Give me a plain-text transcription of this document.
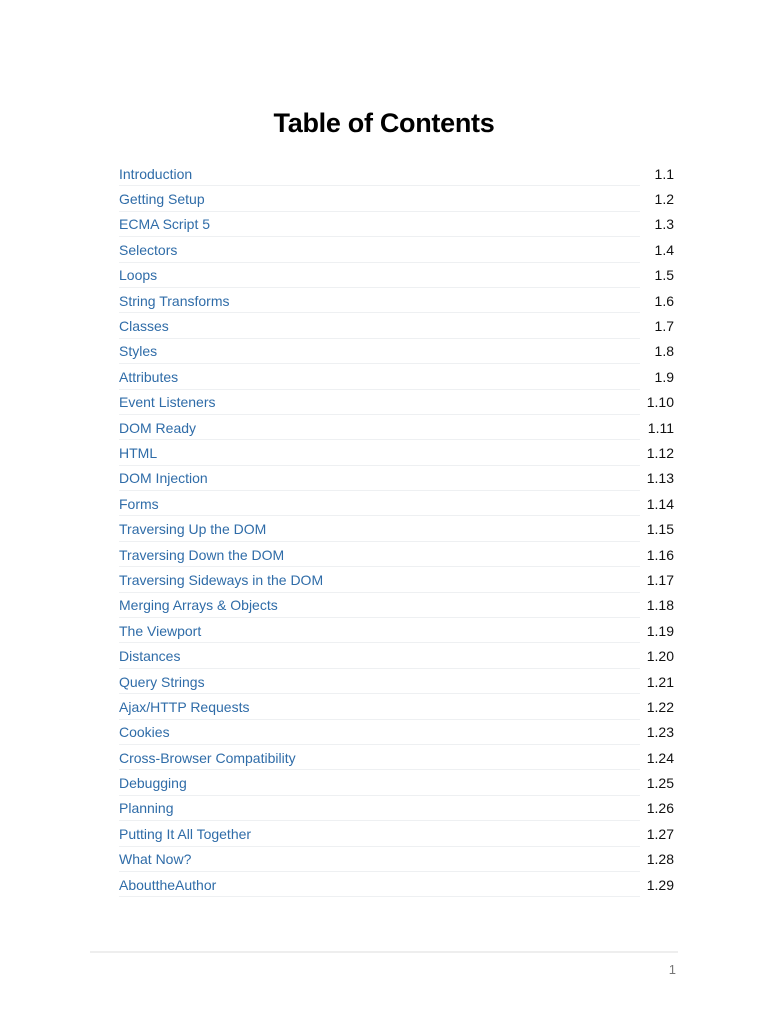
Table of Contents
Introduction	1.1
Getting Setup	1.2
ECMA Script 5	1.3
Selectors	1.4
Loops	1.5
String Transforms	1.6
Classes	1.7
Styles	1.8
Attributes	1.9
Event Listeners	1.10
DOM Ready	1.11
HTML	1.12
DOM Injection	1.13
Forms	1.14
Traversing Up the DOM	1.15
Traversing Down the DOM	1.16
Traversing Sideways in the DOM	1.17
Merging Arrays & Objects	1.18
The Viewport	1.19
Distances	1.20
Query Strings	1.21
Ajax/HTTP Requests	1.22
Cookies	1.23
Cross-Browser Compatibility	1.24
Debugging	1.25
Planning	1.26
Putting It All Together	1.27
What Now?	1.28
AbouttheAuthor	1.29
1
